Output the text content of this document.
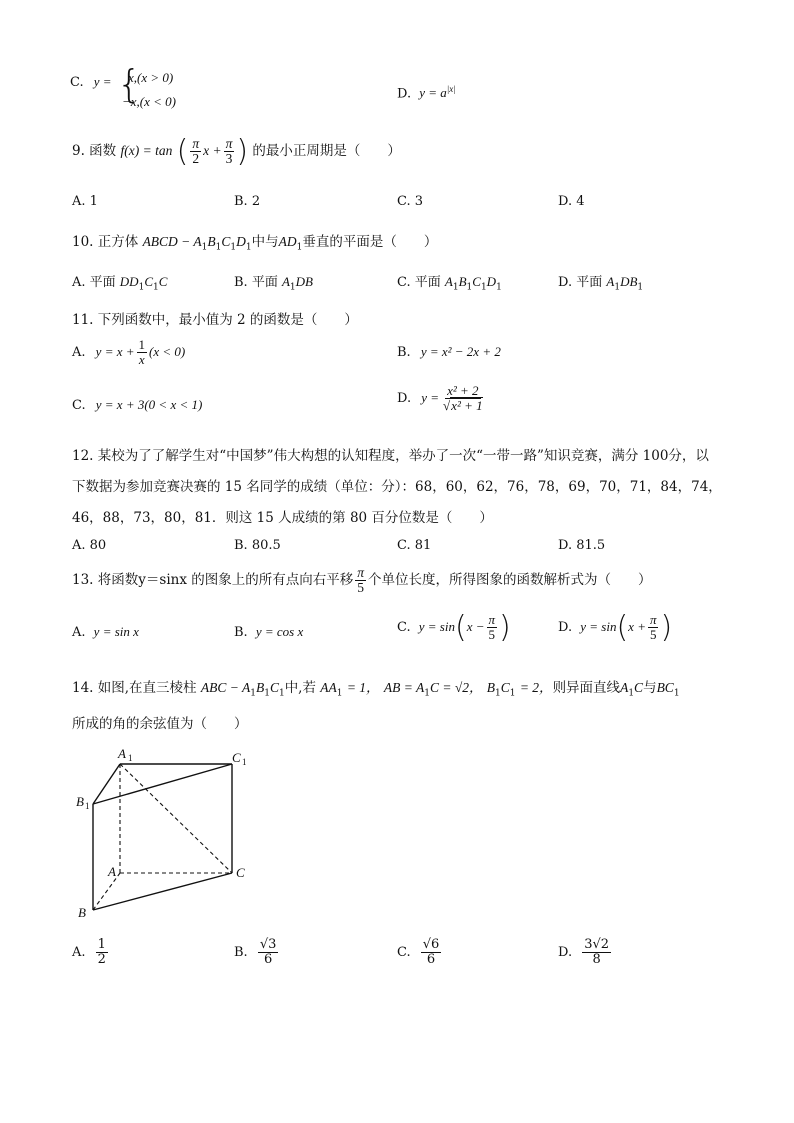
C. y = {
x,(x > 0)
−x,(x < 0)
D. $y = a^{|x|}$
9. 函数 f(x) = tan ( $\frac{\pi}{2}$ $x + \frac{\pi}{3}$ ) 的最小正周期是（　　）
A. 1	B. 2	C. 3	D. 4
10. 正方体 ABCD − $A_1B_1C_1D_1$中与$AD_1$垂直的平面是（　　）
A. 平面 $DD_1C_1C$	B. 平面 $A_1DB$	C. 平面 $A_1B_1C_1D_1$	D. 平面 $A_1DB_1$
11. 下列函数中，最小值为 2 的函数是（　　）
A. $y = x + \frac{1}{x} (x < 0)$	B. y = x² − 2x + 2
C. y = x + 3(0 < x < 1)	D. $y = \frac{\text{x² + 2}}{\text{√x² + 1}}$
12. 某校为了了解学生对“中国梦”伟大构想的认知程度，举办了一次“一带一路”知识竞赛，满分 100分，以
下数据为参加竞赛决赛的 15 名同学的成绩（单位：分）：68，60，62，76，78，69，70，71，84，74，
46，88，73，80，81．则这 15 人成绩的第 80 百分位数是（　　）
A. 80	B. 80.5	C. 81	D. 81.5
13. 将函数y＝sinx 的图象上的所有点向右平移 $\frac{\pi}{5}$ 个单位长度，所得图象的函数解析式为（　　）
A. y = sin x	B. y = cos x	C. $y = \sin(x - \frac{\pi}{5}$ )	D. $y = \sin(x + \frac{\pi}{5}$ )
14. 如图,在直三棱柱 ABC − $A_1B_1C_1$中,若 $AA_1 = 1$， AB = $A_1C = √2$， $B_1C_1 = 2$，则异面直线$A_1C$与$BC_1$
所成的角的余弦值为（　　）
A 1	C 1
B 1
A	C
B
A. $\frac{1}{2}$	B. $\frac{√3}{6}$	C. $\frac{√6}{6}$	D. $\frac{3√2}{8}$
